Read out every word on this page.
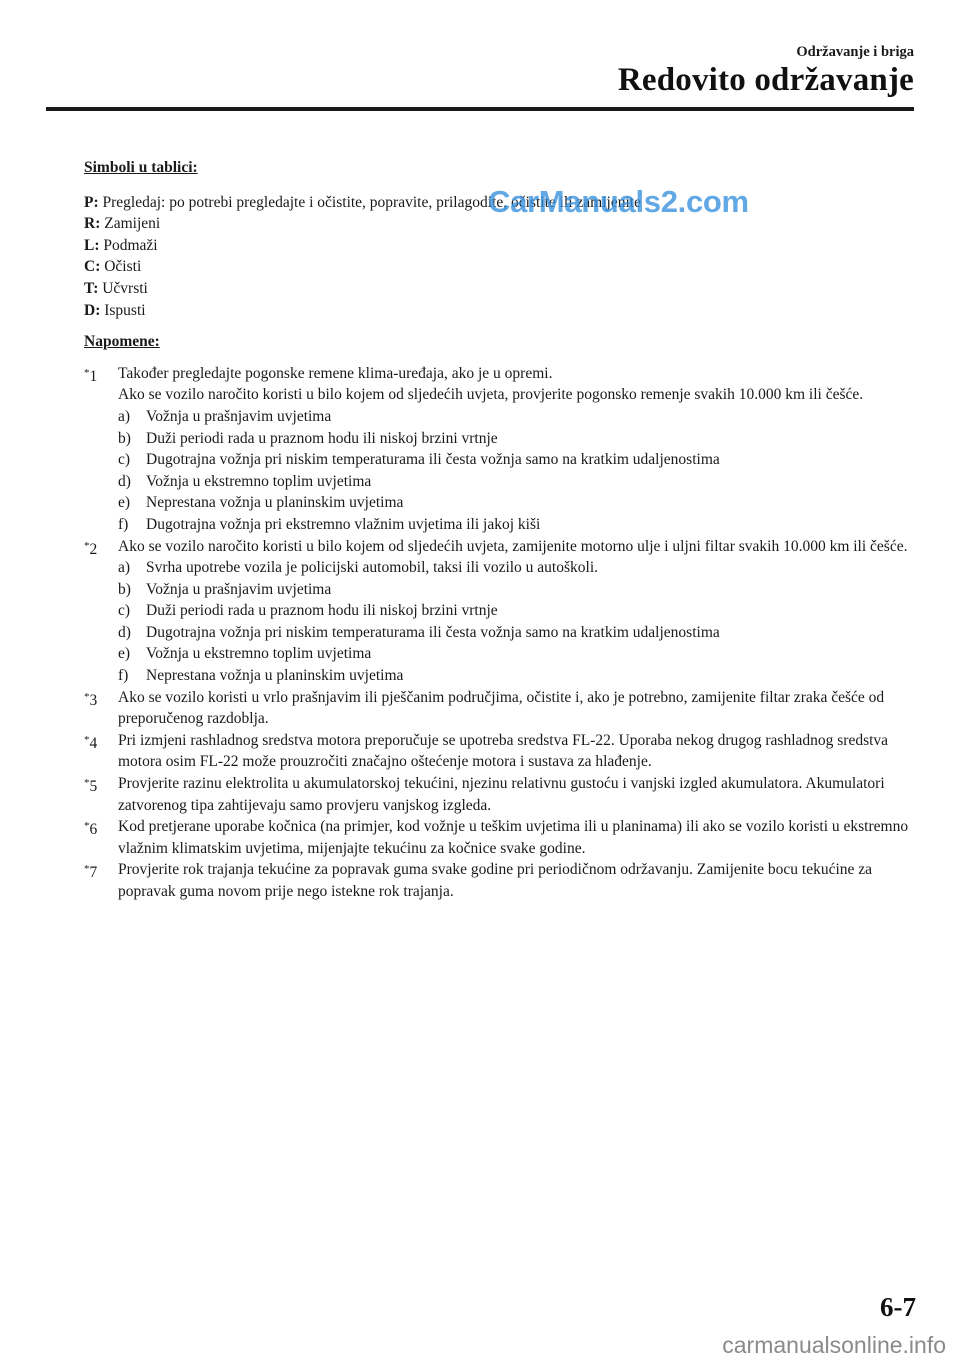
Održavanje i briga
Redovito održavanje

Simboli u tablici:

P: Pregledaj: po potrebi pregledajte i očistite, popravite, prilagodite, očistite ili zamijenite

R: Zamijeni

L: Podmaži

C: Očisti

T: Učvrsti

D: Ispusti

Napomene:

*1 Također pregledajte pogonske remene klima-uređaja, ako je u opremi.
Ako se vozilo naročito koristi u bilo kojem od sljedećih uvjeta, provjerite pogonsko remenje svakih 10.000 km ili češće.
a) Vožnja u prašnjavim uvjetima
b) Duži periodi rada u praznom hodu ili niskoj brzini vrtnje
c) Dugotrajna vožnja pri niskim temperaturama ili česta vožnja samo na kratkim udaljenostima
d) Vožnja u ekstremno toplim uvjetima
e) Neprestana vožnja u planinskim uvjetima
f) Dugotrajna vožnja pri ekstremno vlažnim uvjetima ili jakoj kiši
*2 Ako se vozilo naročito koristi u bilo kojem od sljedećih uvjeta, zamijenite motorno ulje i uljni filtar svakih 10.000 km ili češće.
a) Svrha upotrebe vozila je policijski automobil, taksi ili vozilo u autoškoli.
b) Vožnja u prašnjavim uvjetima
c) Duži periodi rada u praznom hodu ili niskoj brzini vrtnje
d) Dugotrajna vožnja pri niskim temperaturama ili česta vožnja samo na kratkim udaljenostima
e) Vožnja u ekstremno toplim uvjetima
f) Neprestana vožnja u planinskim uvjetima
*3 Ako se vozilo koristi u vrlo prašnjavim ili pješčanim područjima, očistite i, ako je potrebno, zamijenite filtar zraka češće od preporučenog razdoblja.
*4 Pri izmjeni rashladnog sredstva motora preporučuje se upotreba sredstva FL-22. Uporaba nekog drugog rashladnog sredstva motora osim FL-22 može prouzročiti značajno oštećenje motora i sustava za hlađenje.
*5 Provjerite razinu elektrolita u akumulatorskoj tekućini, njezinu relativnu gustoću i vanjski izgled akumulatora. Akumulatori zatvorenog tipa zahtijevaju samo provjeru vanjskog izgleda.
*6 Kod pretjerane uporabe kočnica (na primjer, kod vožnje u teškim uvjetima ili u planinama) ili ako se vozilo koristi u ekstremno vlažnim klimatskim uvjetima, mijenjajte tekućinu za kočnice svake godine.
*7 Provjerite rok trajanja tekućine za popravak guma svake godine pri periodičnom održavanju. Zamijenite bocu tekućine za popravak guma novom prije nego istekne rok trajanja.
CarManuals2.com
6-7
carmanualsonline.info
